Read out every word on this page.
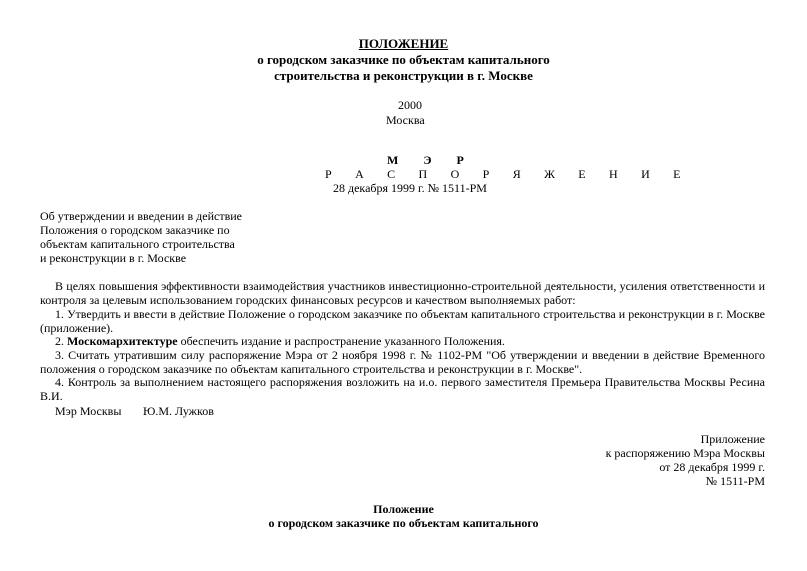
ПОЛОЖЕНИЕ
о городском заказчике по объектам капитального
строительства и реконструкции в г. Москве
2000
Москва
М Э Р
Р А С П О Р Я Ж Е Н И Е
28 декабря 1999 г. № 1511-РМ
Об утверждении и введении в действие
Положения о городском заказчике по
объектам капитального строительства
и реконструкции в г. Москве
В целях повышения эффективности взаимодействия участников инвестиционно-строительной деятельности, усиления ответственности и контроля за целевым использованием городских финансовых ресурсов и качеством выполняемых работ:
1. Утвердить и ввести в действие Положение о городском заказчике по объектам капитального строительства и реконструкции в г. Москве (приложение).
2. Москомархитектуре обеспечить издание и распространение указанного Положения.
3. Считать утратившим силу распоряжение Мэра от 2 ноября 1998 г. № 1102-РМ "Об утверждении и введении в действие Временного положения о городском заказчике по объектам капитального строительства и реконструкции в г. Москве".
4. Контроль за выполнением настоящего распоряжения возложить на и.о. первого заместителя Премьера Правительства Москвы Ресина В.И.
Мэр Москвы Ю.М. Лужков
Приложение
к распоряжению Мэра Москвы
от 28 декабря 1999 г.
№ 1511-РМ
Положение
о городском заказчике по объектам капитального
